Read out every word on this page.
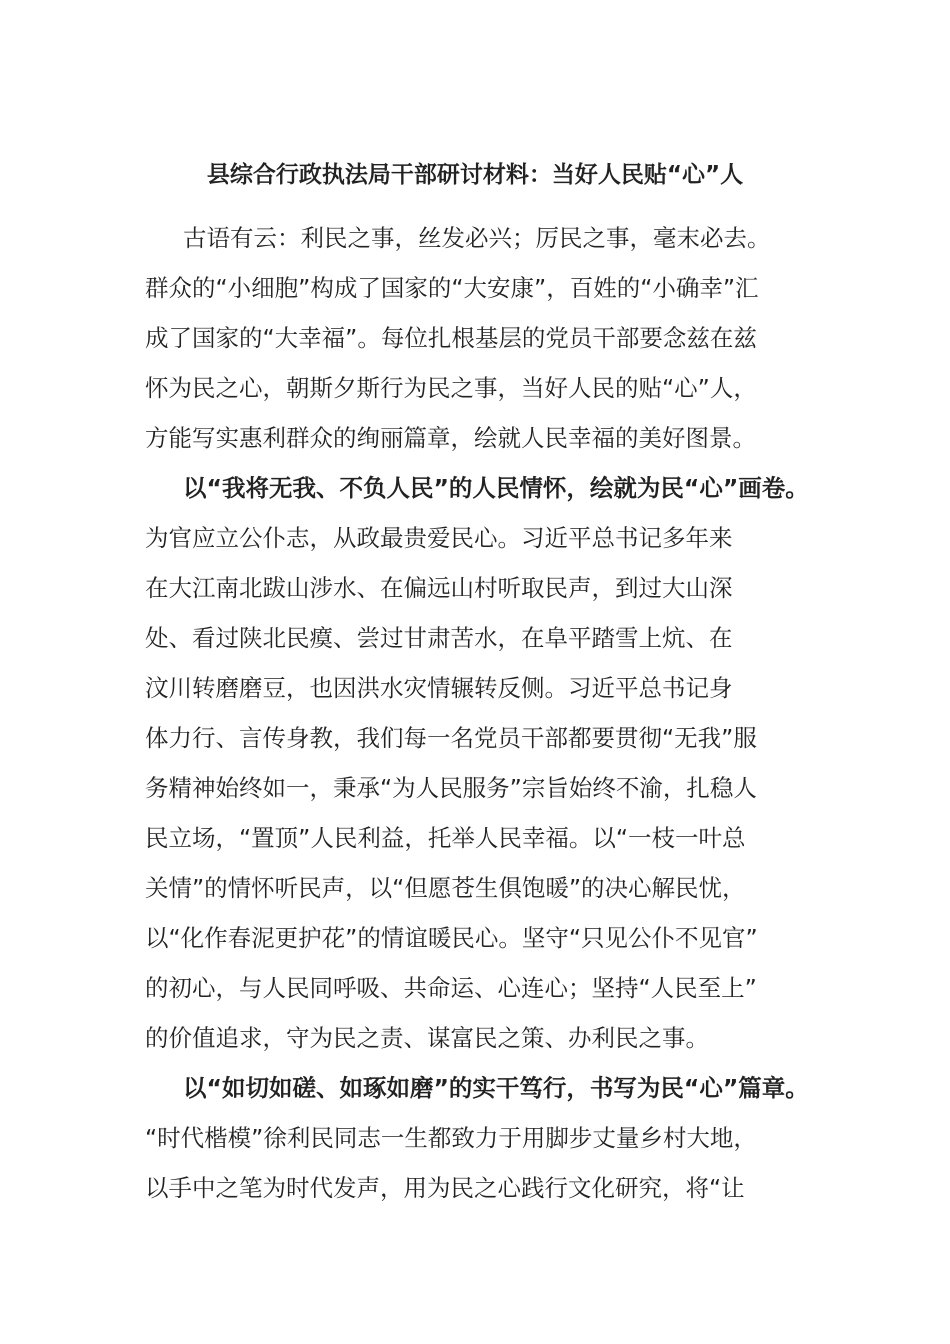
县综合行政执法局干部研讨材料：当好人民贴“心”人
古语有云：利民之事，丝发必兴；厉民之事，毫末必去。
群众的“小细胞”构成了国家的“大安康”，百姓的“小确幸”汇
成了国家的“大幸福”。每位扎根基层的党员干部要念兹在兹
怀为民之心，朝斯夕斯行为民之事，当好人民的贴“心”人，
方能写实惠利群众的绚丽篇章，绘就人民幸福的美好图景。
以“我将无我、不负人民”的人民情怀，绘就为民“心”画卷。
为官应立公仆志，从政最贵爱民心。习近平总书记多年来
在大江南北跋山涉水、在偏远山村听取民声，到过大山深
处、看过陕北民瘼、尝过甘肃苦水，在阜平踏雪上炕、在
汶川转磨磨豆，也因洪水灾情辗转反侧。习近平总书记身
体力行、言传身教，我们每一名党员干部都要贯彻“无我”服
务精神始终如一，秉承“为人民服务”宗旨始终不渝，扎稳人
民立场，“置顶”人民利益，托举人民幸福。以“一枝一叶总
关情”的情怀听民声，以“但愿苍生俱饱暖”的决心解民忧，
以“化作春泥更护花”的情谊暖民心。坚守“只见公仆不见官”
的初心，与人民同呼吸、共命运、心连心；坚持“人民至上”
的价值追求，守为民之责、谋富民之策、办利民之事。
以“如切如磋、如琢如磨”的实干笃行，书写为民“心”篇章。
“时代楷模”徐利民同志一生都致力于用脚步丈量乡村大地，
以手中之笔为时代发声，用为民之心践行文化研究，将“让
